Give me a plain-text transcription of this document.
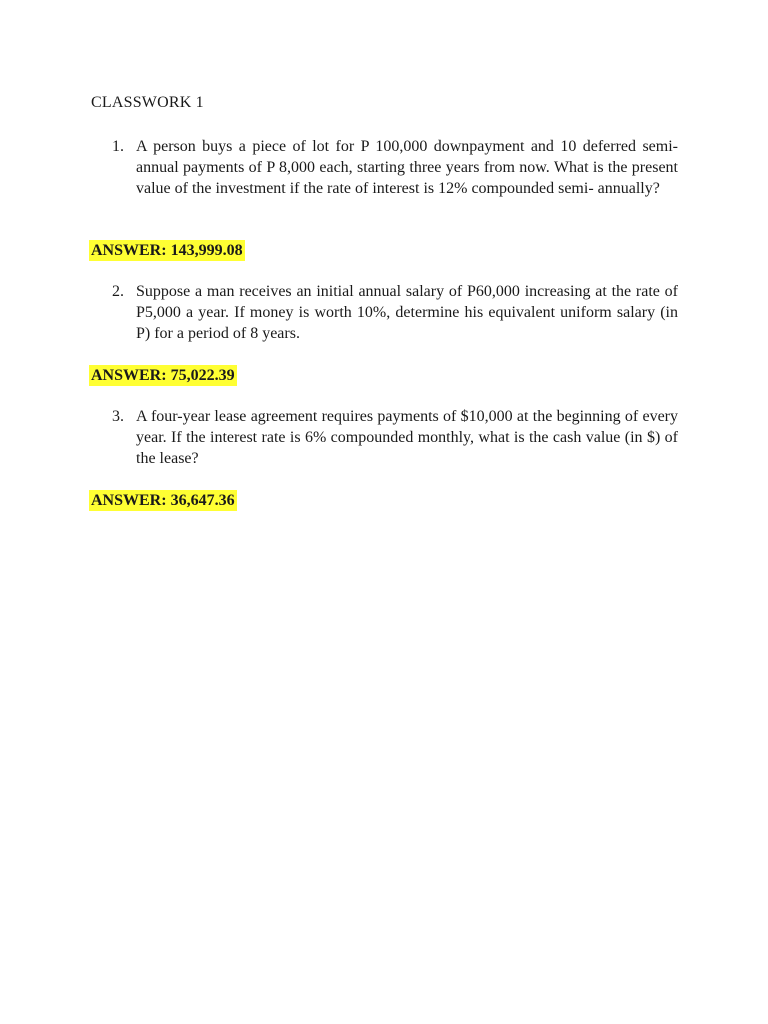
CLASSWORK 1
1. A person buys a piece of lot for P 100,000 downpayment and 10 deferred semi- annual payments of P 8,000 each, starting three years from now. What is the present value of the investment if the rate of interest is 12% compounded semi- annually?
ANSWER: 143,999.08
2. Suppose a man receives an initial annual salary of P60,000 increasing at the rate of P5,000 a year. If money is worth 10%, determine his equivalent uniform salary (in P) for a period of 8 years.
ANSWER: 75,022.39
3. A four-year lease agreement requires payments of $10,000 at the beginning of every year. If the interest rate is 6% compounded monthly, what is the cash value (in $) of the lease?
ANSWER: 36,647.36
